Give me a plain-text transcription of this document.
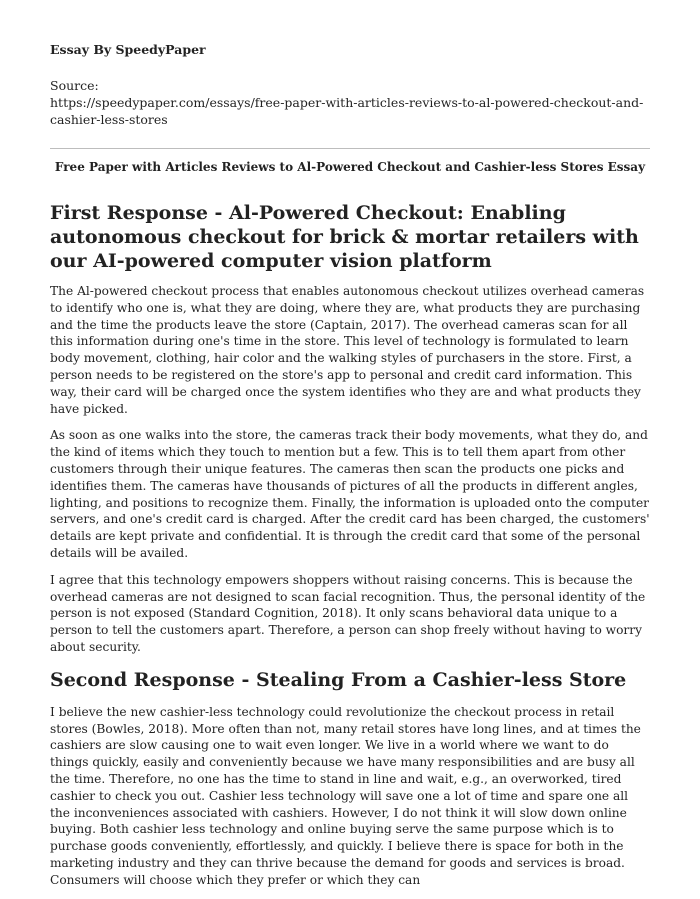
Essay By SpeedyPaper

Source:

https://speedypaper.com/essays/free-paper-with-articles-reviews-to-al-powered-checkout-and-cashier-less-stores

Free Paper with Articles Reviews to Al-Powered Checkout and Cashier-less Stores Essay
First Response - Al-Powered Checkout: Enabling autonomous checkout for brick & mortar retailers with our AI-powered computer vision platform

The Al-powered checkout process that enables autonomous checkout utilizes overhead cameras to identify who one is, what they are doing, where they are, what products they are purchasing and the time the products leave the store (Captain, 2017). The overhead cameras scan for all this information during one's time in the store. This level of technology is formulated to learn body movement, clothing, hair color and the walking styles of purchasers in the store. First, a person needs to be registered on the store's app to personal and credit card information. This way, their card will be charged once the system identifies who they are and what products they have picked.

As soon as one walks into the store, the cameras track their body movements, what they do, and the kind of items which they touch to mention but a few. This is to tell them apart from other customers through their unique features. The cameras then scan the products one picks and identifies them. The cameras have thousands of pictures of all the products in different angles, lighting, and positions to recognize them. Finally, the information is uploaded onto the computer servers, and one's credit card is charged. After the credit card has been charged, the customers' details are kept private and confidential. It is through the credit card that some of the personal details will be availed.

I agree that this technology empowers shoppers without raising concerns. This is because the overhead cameras are not designed to scan facial recognition. Thus, the personal identity of the person is not exposed (Standard Cognition, 2018). It only scans behavioral data unique to a person to tell the customers apart. Therefore, a person can shop freely without having to worry about security.

Second Response - Stealing From a Cashier-less Store

I believe the new cashier-less technology could revolutionize the checkout process in retail stores (Bowles, 2018). More often than not, many retail stores have long lines, and at times the cashiers are slow causing one to wait even longer. We live in a world where we want to do things quickly, easily and conveniently because we have many responsibilities and are busy all the time. Therefore, no one has the time to stand in line and wait, e.g., an overworked, tired cashier to check you out. Cashier less technology will save one a lot of time and spare one all the inconveniences associated with cashiers. However, I do not think it will slow down online buying. Both cashier less technology and online buying serve the same purpose which is to purchase goods conveniently, effortlessly, and quickly. I believe there is space for both in the marketing industry and they can thrive because the demand for goods and services is broad. Consumers will choose which they prefer or which they can
